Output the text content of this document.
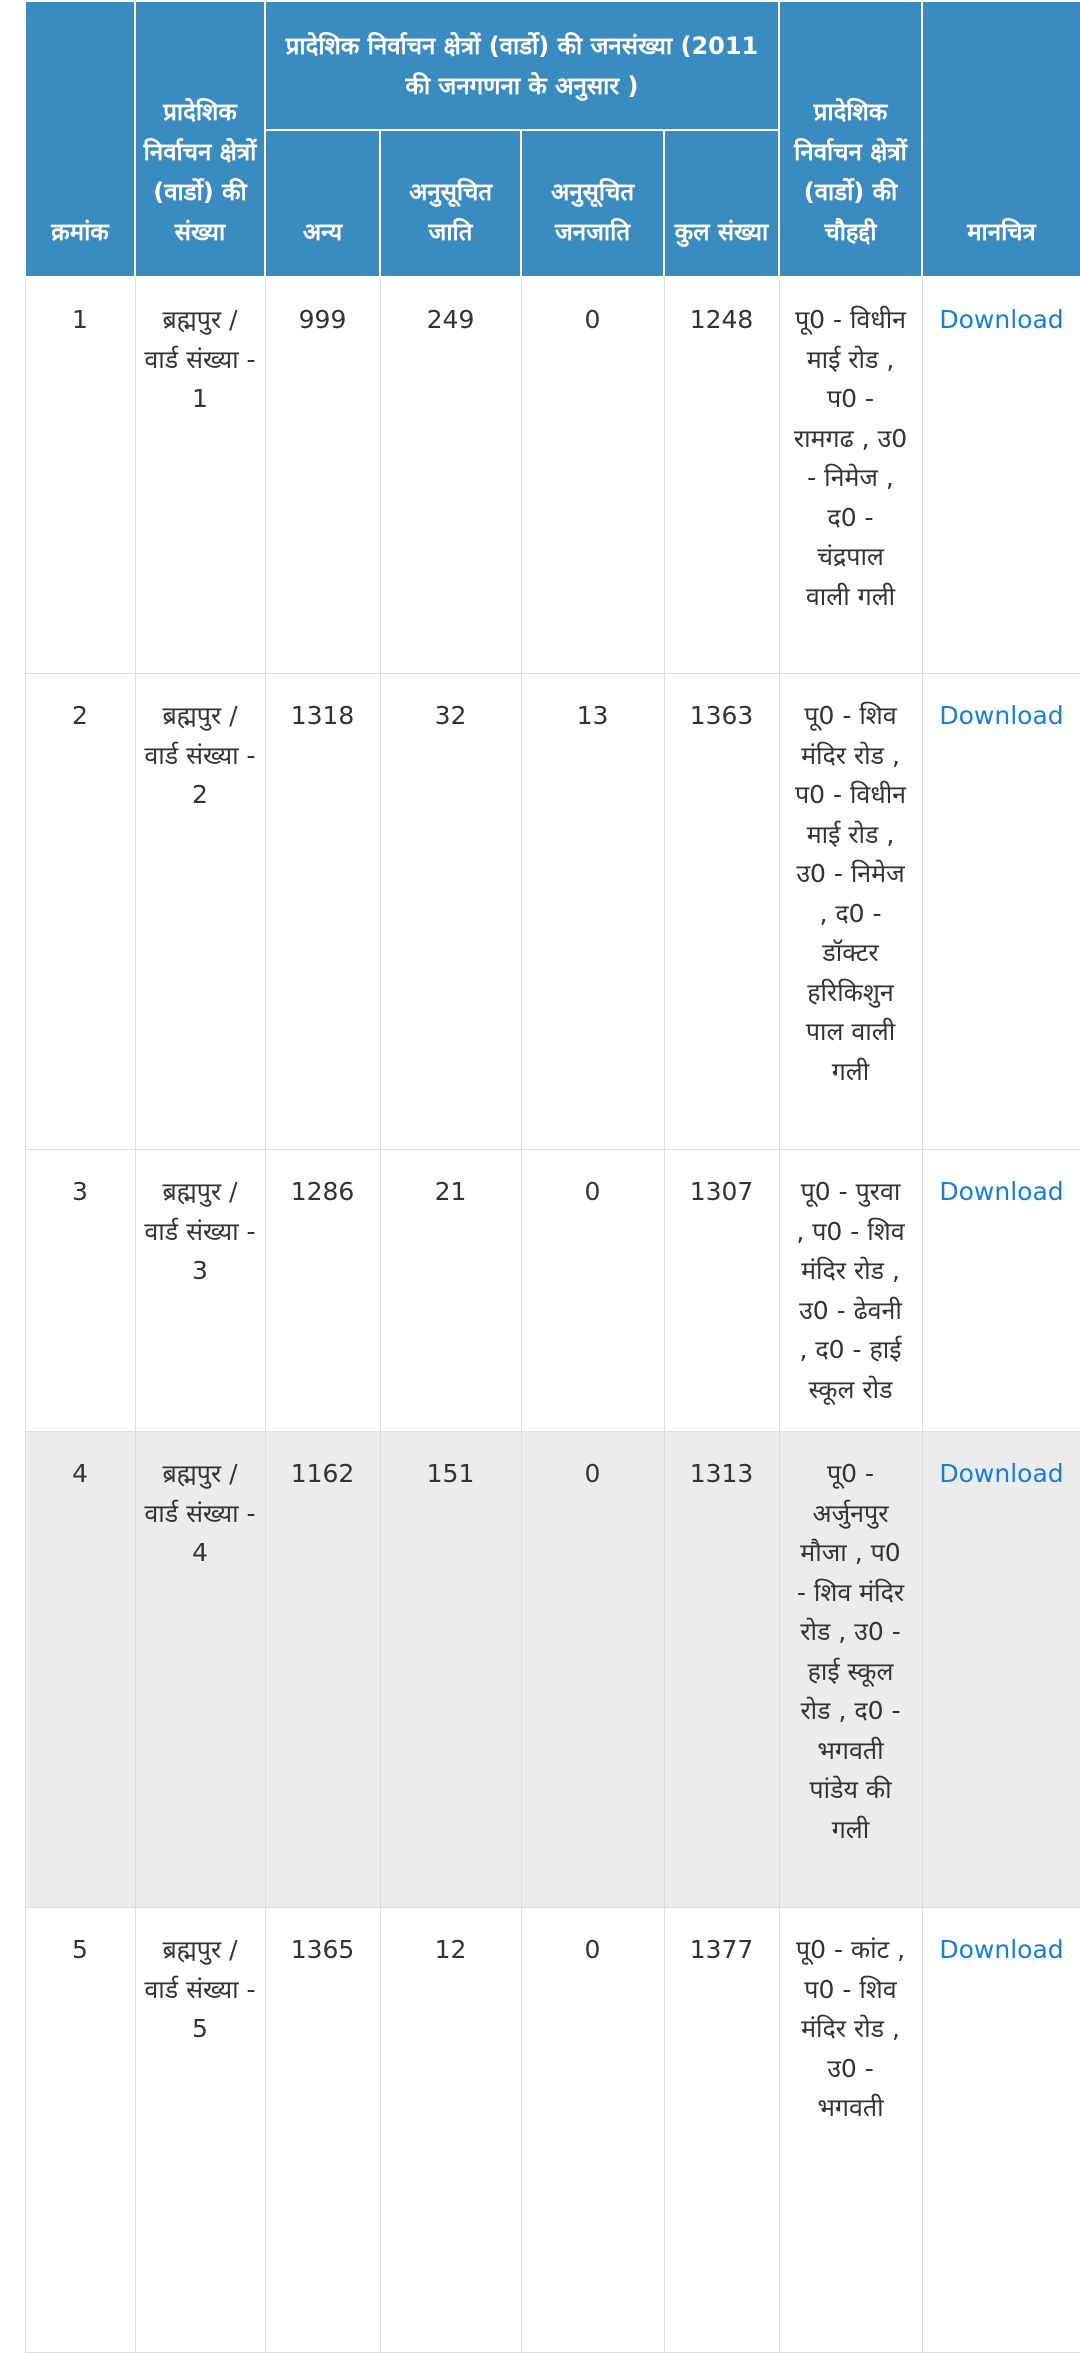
क्रमांक	प्रादेशिक निर्वाचन क्षेत्रों (वार्डो) की संख्या	प्रादेशिक निर्वाचन क्षेत्रों (वार्डो) की जनसंख्या (2011 की जनगणना के अनुसार )				प्रादेशिक निर्वाचन क्षेत्रों (वार्डो) की चौहद्दी	मानचित्र
		अन्य	अनुसूचित जाति	अनुसूचित जनजाति	कुल संख्या		
1	ब्रह्मपुर / वार्ड संख्या - 1	999	249	0	1248	पू0 - विधीन माई रोड , प0 - रामगढ , उ0 - निमेज , द0 - चंद्रपाल वाली गली	Download
2	ब्रह्मपुर / वार्ड संख्या - 2	1318	32	13	1363	पू0 - शिव मंदिर रोड , प0 - विधीन माई रोड , उ0 - निमेज , द0 - डॉक्टर हरिकिशुन पाल वाली गली	Download
3	ब्रह्मपुर / वार्ड संख्या - 3	1286	21	0	1307	पू0 - पुरवा , प0 - शिव मंदिर रोड , उ0 - ढेवनी , द0 - हाई स्कूल रोड	Download
4	ब्रह्मपुर / वार्ड संख्या - 4	1162	151	0	1313	पू0 - अर्जुनपुर मौजा , प0 - शिव मंदिर रोड , उ0 - हाई स्कूल रोड , द0 - भगवती पांडेय की गली	Download
5	ब्रह्मपुर / वार्ड संख्या - 5	1365	12	0	1377	पू0 - कांट , प0 - शिव मंदिर रोड , उ0 - भगवती	Download
